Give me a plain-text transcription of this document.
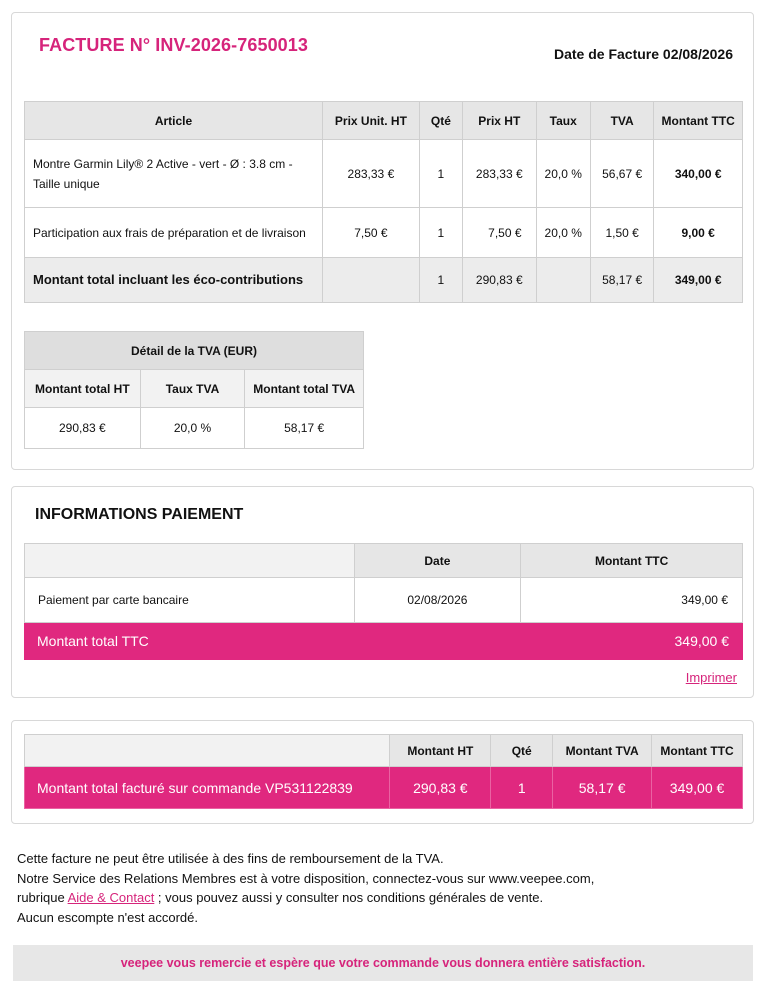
FACTURE N° INV-2026-7650013	Date de Facture 02/08/2026
Article	Prix Unit. HT	Qté	Prix HT	Taux	TVA	Montant TTC
Montre Garmin Lily® 2 Active - vert - Ø : 3.8 cm -
Taille unique	283,33 €	1	283,33 €	20,0 %	56,67 €	340,00 €
Participation aux frais de préparation et de livraison	7,50 €	1	7,50 €	20,0 %	1,50 €	9,00 €
Montant total incluant les éco-contributions		1	290,83 €		58,17 €	349,00 €
Détail de la TVA (EUR)		
Montant total HT	Taux TVA	Montant total TVA
290,83 €	20,0 %	58,17 €
INFORMATIONS PAIEMENT
	Date	Montant TTC
Paiement par carte bancaire	02/08/2026	349,00 €
Montant total TTC	349,00 €
Imprimer
	Montant HT	Qté	Montant TVA	Montant TTC
Montant total facturé sur commande VP531122839	290,83 €	1	58,17 €	349,00 €
Cette facture ne peut être utilisée à des fins de remboursement de la TVA.
Notre Service des Relations Membres est à votre disposition, connectez-vous sur www.veepee.com,
rubrique Aide & Contact ; vous pouvez aussi y consulter nos conditions générales de vente.
Aucun escompte n'est accordé.
veepee vous remercie et espère que votre commande vous donnera entière satisfaction.
